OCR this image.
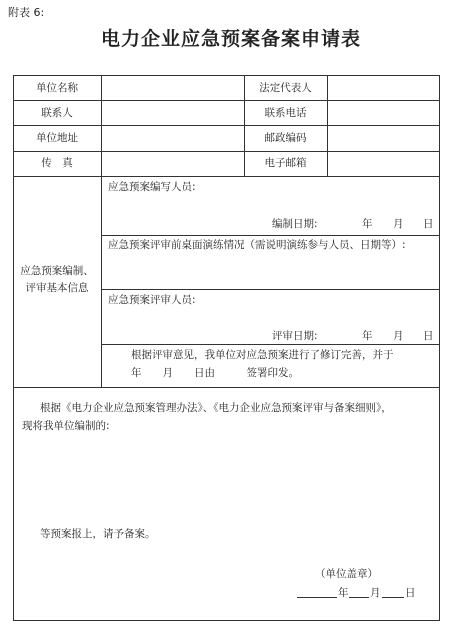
附表 6:
电力企业应急预案备案申请表
单位名称	法定代表人
联系人	联系电话
单位地址	邮政编码
传　真	电子邮箱
应急预案编制、
评审基本信息
应急预案编写人员:
编制日期:	年 月 日
应急预案评审前桌面演练情况（需说明演练参与人员、日期等）:
应急预案评审人员:
评审日期:	年 月 日
根据评审意见，我单位对应急预案进行了修订完善，并于
年　　月　　日由　　　签署印发。
根据《电力企业应急预案管理办法》、《电力企业应急预案评审与备案细则》，
现将我单位编制的:
等预案报上，请予备案。
（单位盖章）
年 月 日
